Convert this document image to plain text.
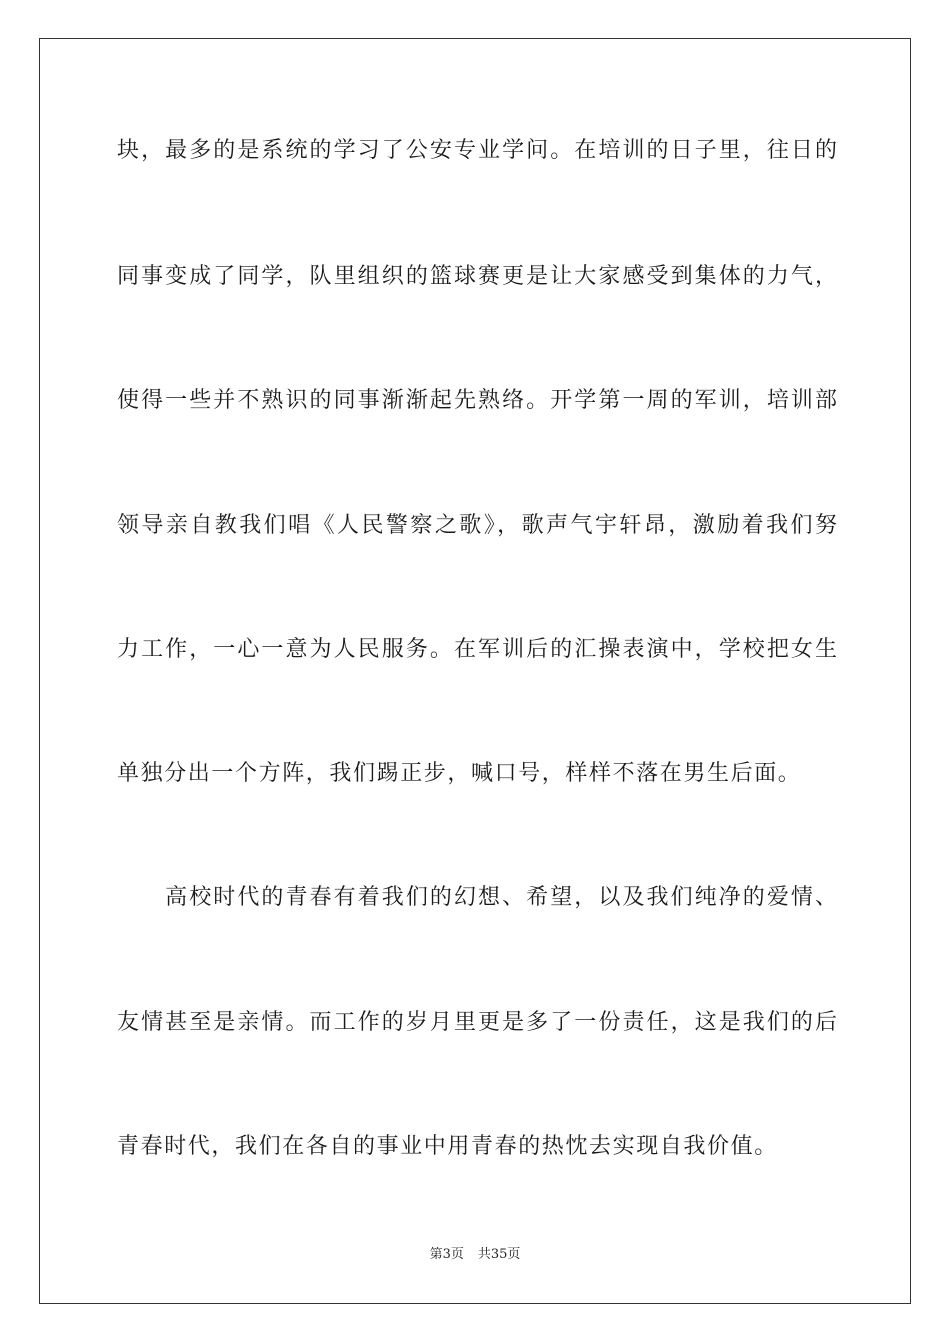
块，最多的是系统的学习了公安专业学问。在培训的日子里，往日的
同事变成了同学，队里组织的篮球赛更是让大家感受到集体的力气，
使得一些并不熟识的同事渐渐起先熟络。开学第一周的军训，培训部
领导亲自教我们唱《人民警察之歌》，歌声气宇轩昂，激励着我们努
力工作，一心一意为人民服务。在军训后的汇操表演中，学校把女生
单独分出一个方阵，我们踢正步，喊口号，样样不落在男生后面。
　　高校时代的青春有着我们的幻想、希望，以及我们纯净的爱情、
友情甚至是亲情。而工作的岁月里更是多了一份责任，这是我们的后
青春时代，我们在各自的事业中用青春的热忱去实现自我价值。
第3页 共35页
